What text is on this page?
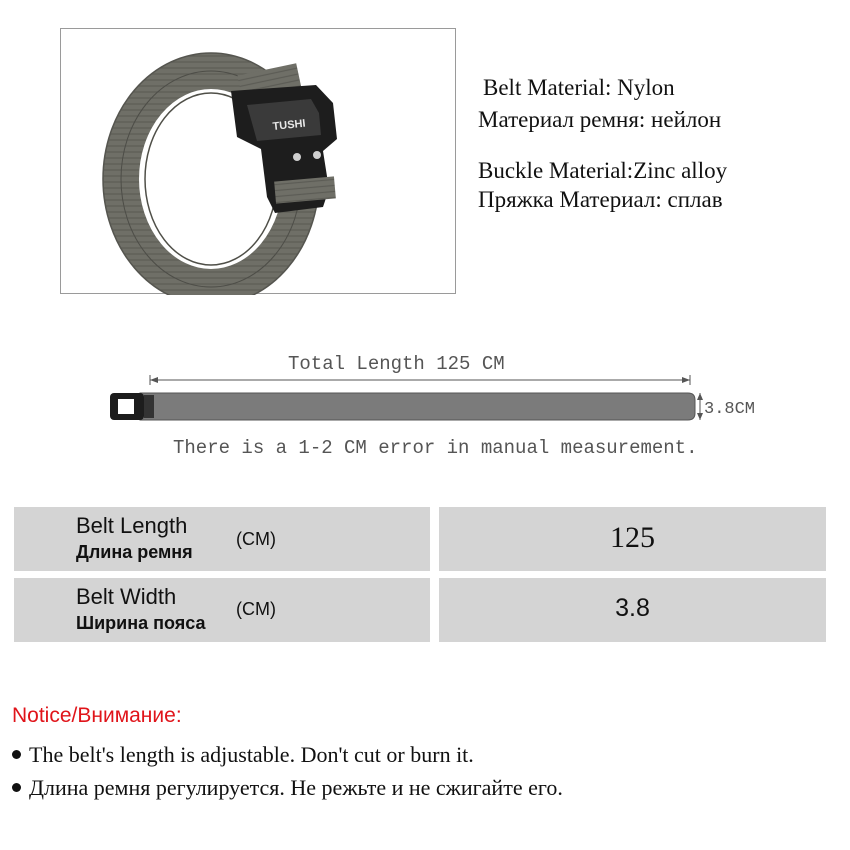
TUSHI
Belt Material: Nylon
Материал ремня: нейлон
Buckle Material:Zinc alloy
Пряжка Материал: сплав
Total Length 125 CM
3.8CM
There is a 1-2 CM error in manual measurement.
Belt Length
Длина ремня
(CM)	125
Belt Width
Ширина пояса
(CM)	3.8
Notice/Внимание:
The belt's length is adjustable. Don't cut or burn it.
Длина ремня регулируется. Не режьте и не сжигайте его.
